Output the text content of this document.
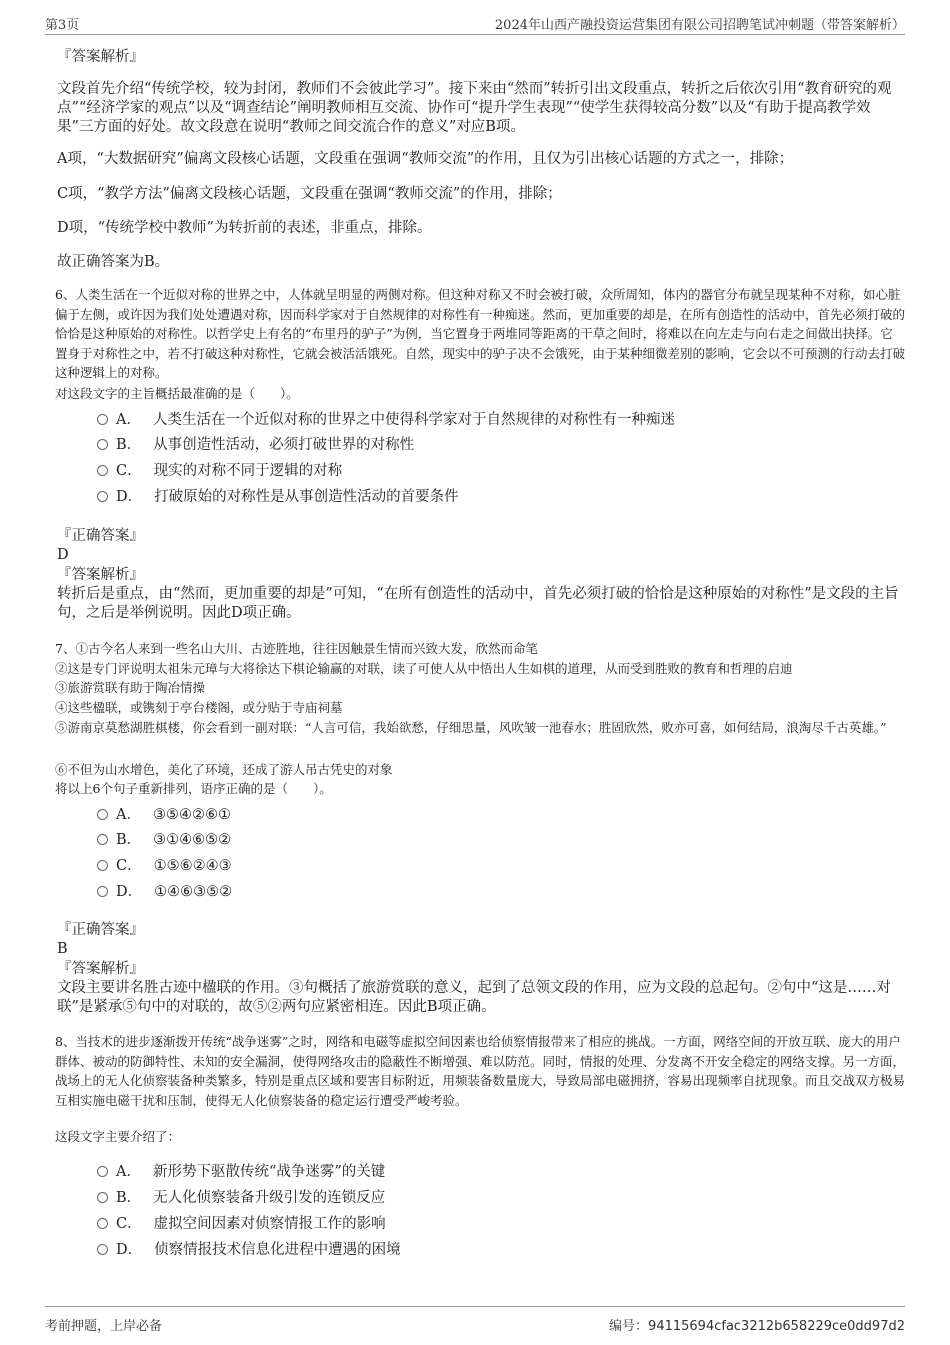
第3页	2024年山西产融投资运营集团有限公司招聘笔试冲刺题（带答案解析）
『答案解析』
文段首先介绍“传统学校，较为封闭，教师们不会彼此学习”。接下来由“然而”转折引出文段重点，转折之后依次引用“教育研究的观点”“经济学家的观点”以及“调查结论”阐明教师相互交流、协作可“提升学生表现”“使学生获得较高分数”以及“有助于提高教学效果”三方面的好处。故文段意在说明“教师之间交流合作的意义”对应B项。
A项，“大数据研究”偏离文段核心话题，文段重在强调“教师交流”的作用，且仅为引出核心话题的方式之一，排除；
C项，“教学方法”偏离文段核心话题，文段重在强调“教师交流”的作用，排除；
D项，“传统学校中教师”为转折前的表述，非重点，排除。
故正确答案为B。
6、人类生活在一个近似对称的世界之中，人体就呈明显的两侧对称。但这种对称又不时会被打破，众所周知，体内的器官分布就呈现某种不对称，如心脏偏于左侧，或许因为我们处处遭遇对称，因而科学家对于自然规律的对称性有一种痴迷。然而，更加重要的却是，在所有创造性的活动中，首先必须打破的恰恰是这种原始的对称性。以哲学史上有名的“布里丹的驴子”为例，当它置身于两堆同等距离的干草之间时，将难以在向左走与向右走之间做出抉择。它置身于对称性之中，若不打破这种对称性，它就会被活活饿死。自然，现实中的驴子决不会饿死，由于某种细微差别的影响，它会以不可预测的行动去打破这种逻辑上的对称。
对这段文字的主旨概括最准确的是（　　）。
A． 人类生活在一个近似对称的世界之中使得科学家对于自然规律的对称性有一种痴迷
B． 从事创造性活动，必须打破世界的对称性
C． 现实的对称不同于逻辑的对称
D． 打破原始的对称性是从事创造性活动的首要条件
『正确答案』
D
『答案解析』
转折后是重点，由“然而，更加重要的却是”可知，“在所有创造性的活动中，首先必须打破的恰恰是这种原始的对称性”是文段的主旨句，之后是举例说明。因此D项正确。
7、①古今名人来到一些名山大川、古迹胜地，往往因触景生情而兴致大发，欣然而命笔
②这是专门评说明太祖朱元璋与大将徐达下棋论输赢的对联，读了可使人从中悟出人生如棋的道理，从而受到胜败的教育和哲理的启迪
③旅游赏联有助于陶冶情操
④这些楹联，或镌刻于亭台楼阁，或分贴于寺庙祠墓
⑤游南京莫愁湖胜棋楼，你会看到一副对联：“人言可信，我始欲愁，仔细思量，风吹皱一池春水；胜固欣然，败亦可喜，如何结局，浪淘尽千古英雄。”
⑥不但为山水增色，美化了环境，还成了游人吊古凭史的对象
将以上6个句子重新排列，语序正确的是（　　）。
A． ③⑤④②⑥①
B． ③①④⑥⑤②
C． ①⑤⑥②④③
D． ①④⑥③⑤②
『正确答案』
B
『答案解析』
文段主要讲名胜古迹中楹联的作用。③句概括了旅游赏联的意义，起到了总领文段的作用，应为文段的总起句。②句中“这是……对联”是紧承⑤句中的对联的，故⑤②两句应紧密相连。因此B项正确。
8、当技术的进步逐渐拨开传统“战争迷雾”之时，网络和电磁等虚拟空间因素也给侦察情报带来了相应的挑战。一方面，网络空间的开放互联、庞大的用户群体、被动的防御特性、未知的安全漏洞，使得网络攻击的隐蔽性不断增强、难以防范。同时，情报的处理、分发离不开安全稳定的网络支撑。另一方面，战场上的无人化侦察装备种类繁多，特别是重点区域和要害目标附近，用频装备数量庞大，导致局部电磁拥挤，容易出现频率自扰现象。而且交战双方极易互相实施电磁干扰和压制，使得无人化侦察装备的稳定运行遭受严峻考验。
这段文字主要介绍了：
A． 新形势下驱散传统“战争迷雾”的关键
B． 无人化侦察装备升级引发的连锁反应
C． 虚拟空间因素对侦察情报工作的影响
D． 侦察情报技术信息化进程中遭遇的困境
考前押题，上岸必备	编号：94115694cfac3212b658229ce0dd97d2
